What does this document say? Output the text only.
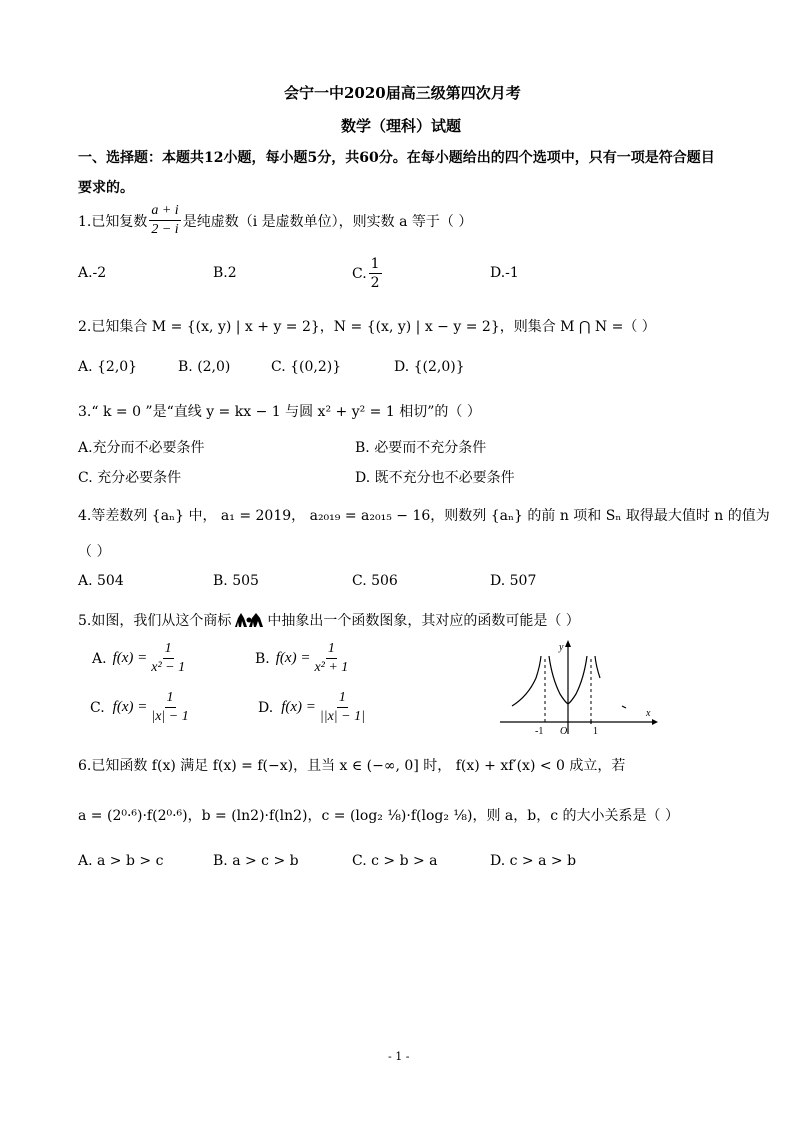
会宁一中2020届高三级第四次月考
数学（理科）试题
一、选择题：本题共12小题，每小题5分，共60分。在每小题给出的四个选项中，只有一项是符合题目
要求的。
1.已知复数 $\frac{a + i}{2 - i}$ 是纯虚数（i 是虚数单位），则实数 a 等于（ ）
A.-2	B.2	C. $\frac{1}{2}$	D.-1
2.已知集合 M = {(x, y) | x + y = 2}，N = {(x, y) | x − y = 2}，则集合 M ⋂ N =（ ）
A. {2,0}	B. (2,0)	C. {(0,2)}	D. {(2,0)}
3.“ k = 0 ”是“直线 y = kx − 1 与圆 x² + y² = 1 相切”的（ ）
A.充分而不必要条件	B. 必要而不充分条件
C. 充分必要条件	D. 既不充分也不必要条件
4.等差数列 {aₙ} 中， a₁ = 2019， a₂₀₁₉ = a₂₀₁₅ − 16，则数列 {aₙ} 的前 n 项和 Sₙ 取得最大值时 n 的值为
（ ）
A. 504	B. 505	C. 506	D. 507
5.如图，我们从这个商标	中抽象出一个函数图象，其对应的函数可能是（ ）
A. $f(x) = \frac{1}{\text{x² − 1}}$	B. $f(x) = \frac{1}{\text{x² + 1}}$
C. $f(x) = \frac{1}{|x| - 1}$	D. $f(x) = \frac{1}{||x| - 1|}$
y
x
O
-1	1
6.已知函数 f(x) 满足 f(x) = f(−x)，且当 x ∈ (−∞, 0] 时， f(x) + xf′(x) < 0 成立，若
a = (2⁰·⁶)·f(2⁰·⁶)，b = (ln2)·f(ln2)，c = (log₂ ⅛)·f(log₂ ⅛)，则 a，b，c 的大小关系是（ ）
A. a > b > c	B. a > c > b	C. c > b > a	D. c > a > b
- 1 -
